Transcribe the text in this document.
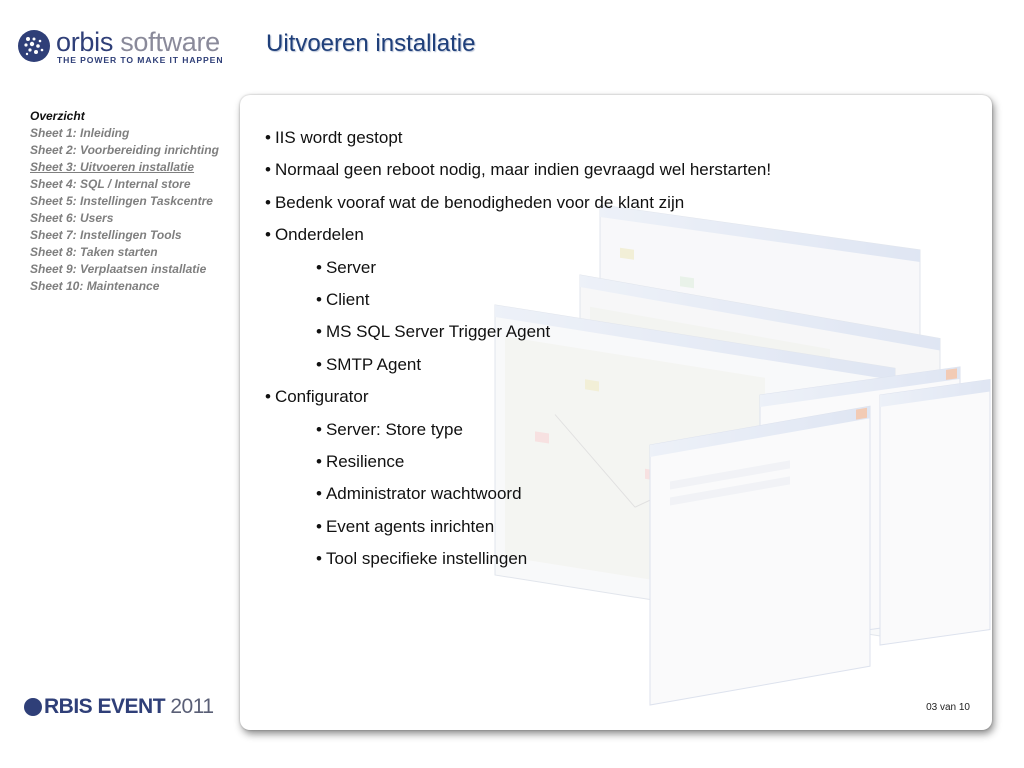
orbis software
THE POWER TO MAKE IT HAPPEN
Uitvoeren installatie
Overzicht
Sheet 1: Inleiding
Sheet 2: Voorbereiding inrichting
Sheet 3: Uitvoeren installatie
Sheet 4: SQL / Internal store
Sheet 5: Instellingen Taskcentre
Sheet 6: Users
Sheet 7: Instellingen Tools
Sheet 8: Taken starten
Sheet 9: Verplaatsen installatie
Sheet 10: Maintenance
RBIS EVENT 2011
• IIS wordt gestopt
• Normaal geen reboot nodig, maar indien gevraagd wel herstarten!
• Bedenk vooraf wat de benodigheden voor de klant zijn
• Onderdelen
• Server
• Client
• MS SQL Server Trigger Agent
• SMTP Agent
• Configurator
• Server: Store type
• Resilience
• Administrator wachtwoord
• Event agents inrichten
• Tool specifieke instellingen
03 van 10
